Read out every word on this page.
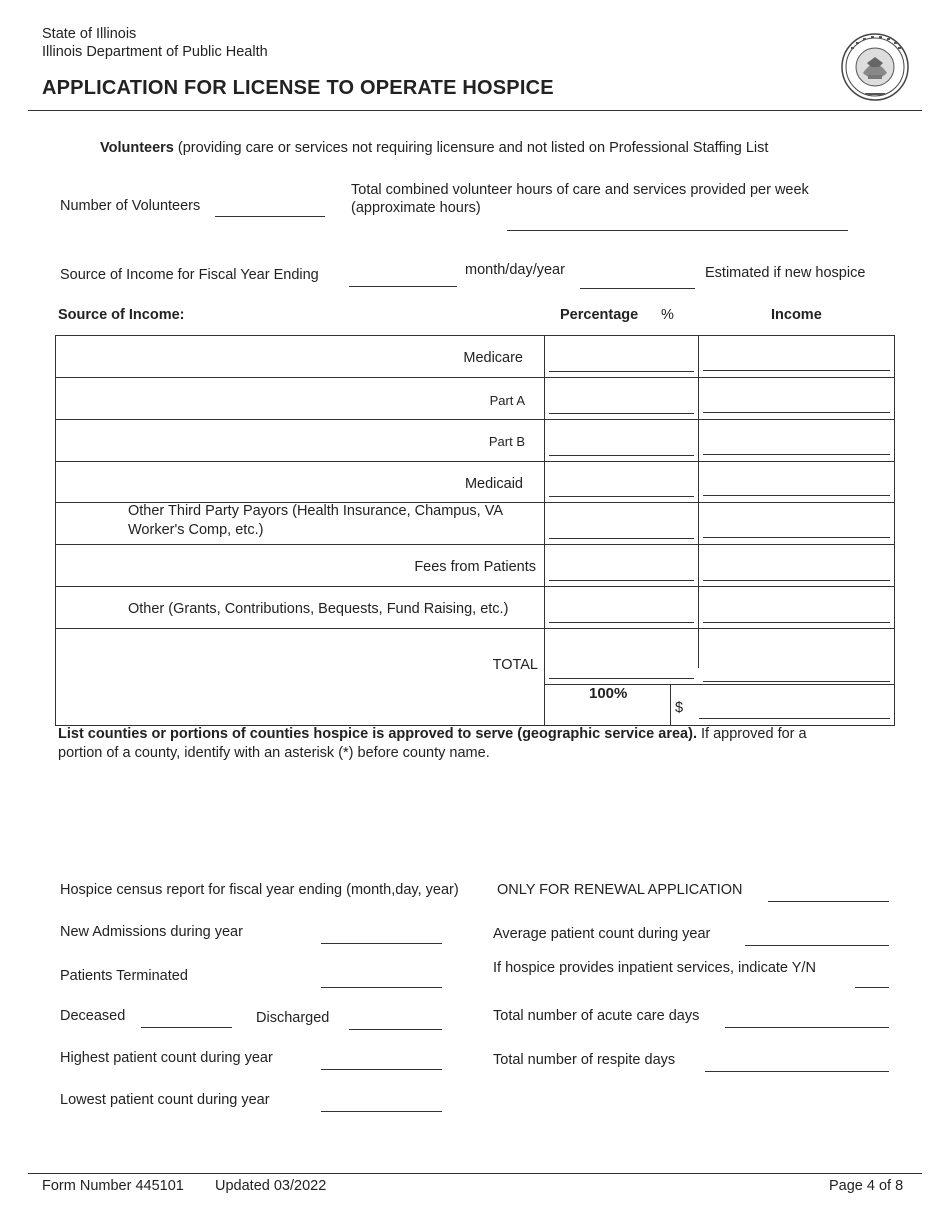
State of Illinois
Illinois Department of Public Health
APPLICATION FOR LICENSE TO OPERATE HOSPICE
Volunteers (providing care or services not requiring licensure and not listed on Professional Staffing List
Number of Volunteers
Total combined volunteer hours of care and services provided per week
(approximate hours)
Source of Income for Fiscal Year Ending	month/day/year	Estimated if new hospice
Source of Income:	Percentage %	Income
Medicare
Part A
Part B
Medicaid
Other Third Party Payors (Health Insurance, Champus, VA
Worker's Comp, etc.)
Fees from Patients
Other (Grants, Contributions, Bequests, Fund Raising, etc.)
TOTAL
100%
$
List counties or portions of counties hospice is approved to serve (geographic service area). If approved for a
portion of a county, identify with an asterisk (*) before county name.
Hospice census report for fiscal year ending (month,day, year)	ONLY FOR RENEWAL APPLICATION
New Admissions during year
Patients Terminated
Deceased	Discharged
Highest patient count during year
Lowest patient count during year
Average patient count during year
If hospice provides inpatient services, indicate Y/N
Total number of acute care days
Total number of respite days
Form Number 445101 Updated 03/2022	Page 4 of 8
